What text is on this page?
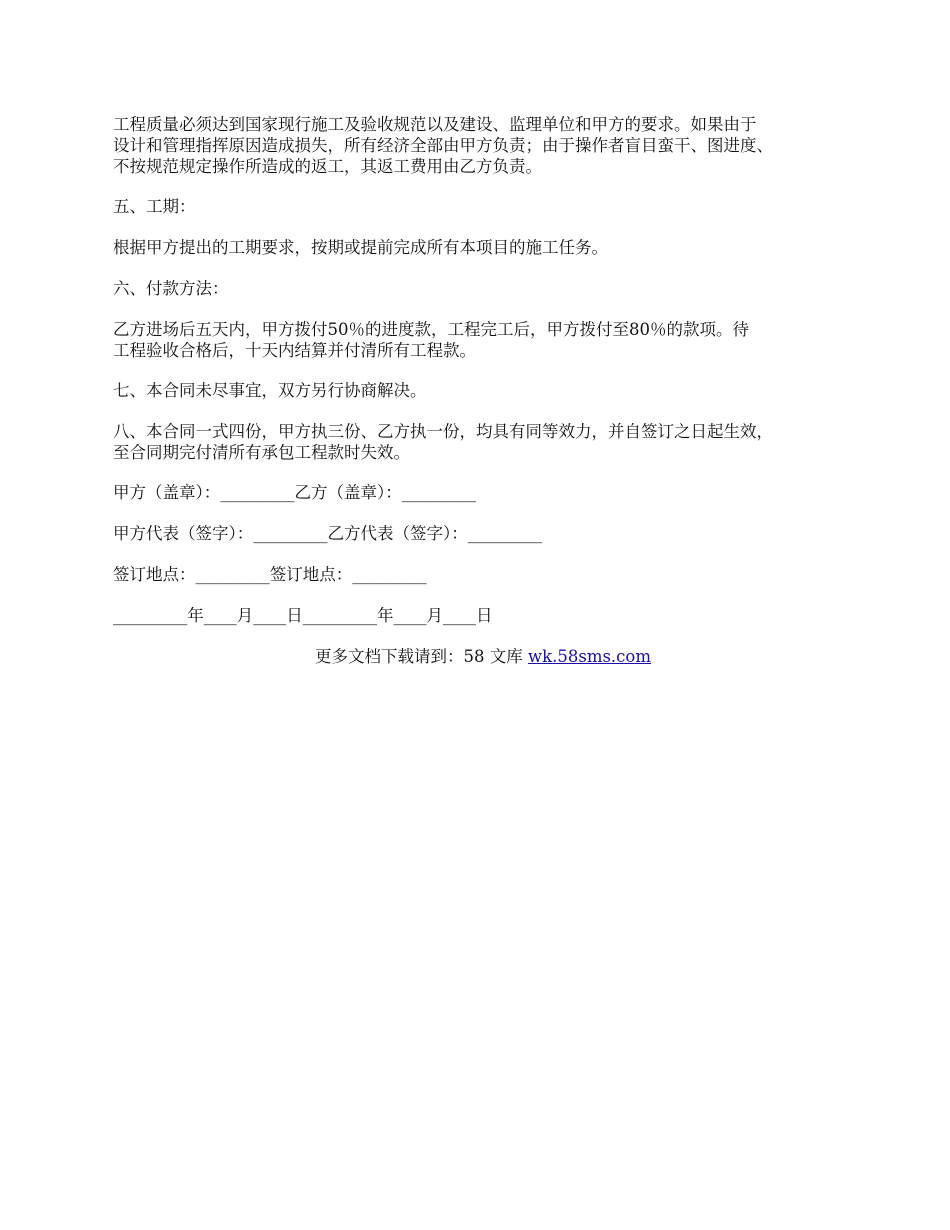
工程质量必须达到国家现行施工及验收规范以及建设、监理单位和甲方的要求。如果由于
设计和管理指挥原因造成损失，所有经济全部由甲方负责；由于操作者盲目蛮干、图进度、
不按规范规定操作所造成的返工，其返工费用由乙方负责。

五、工期：

根据甲方提出的工期要求，按期或提前完成所有本项目的施工任务。

六、付款方法：

乙方进场后五天内，甲方拨付50％的进度款，工程完工后，甲方拨付至80％的款项。待
工程验收合格后，十天内结算并付清所有工程款。

七、本合同未尽事宜，双方另行协商解决。

八、本合同一式四份，甲方执三份、乙方执一份，均具有同等效力，并自签订之日起生效，
至合同期完付清所有承包工程款时失效。

甲方（盖章）：_________乙方（盖章）：_________
甲方代表（签字）：_________乙方代表（签字）：_________
签订地点：_________签订地点：_________
_________年____月____日_________年____月____日
更多文档下载请到：58 文库 wk.58sms.com
